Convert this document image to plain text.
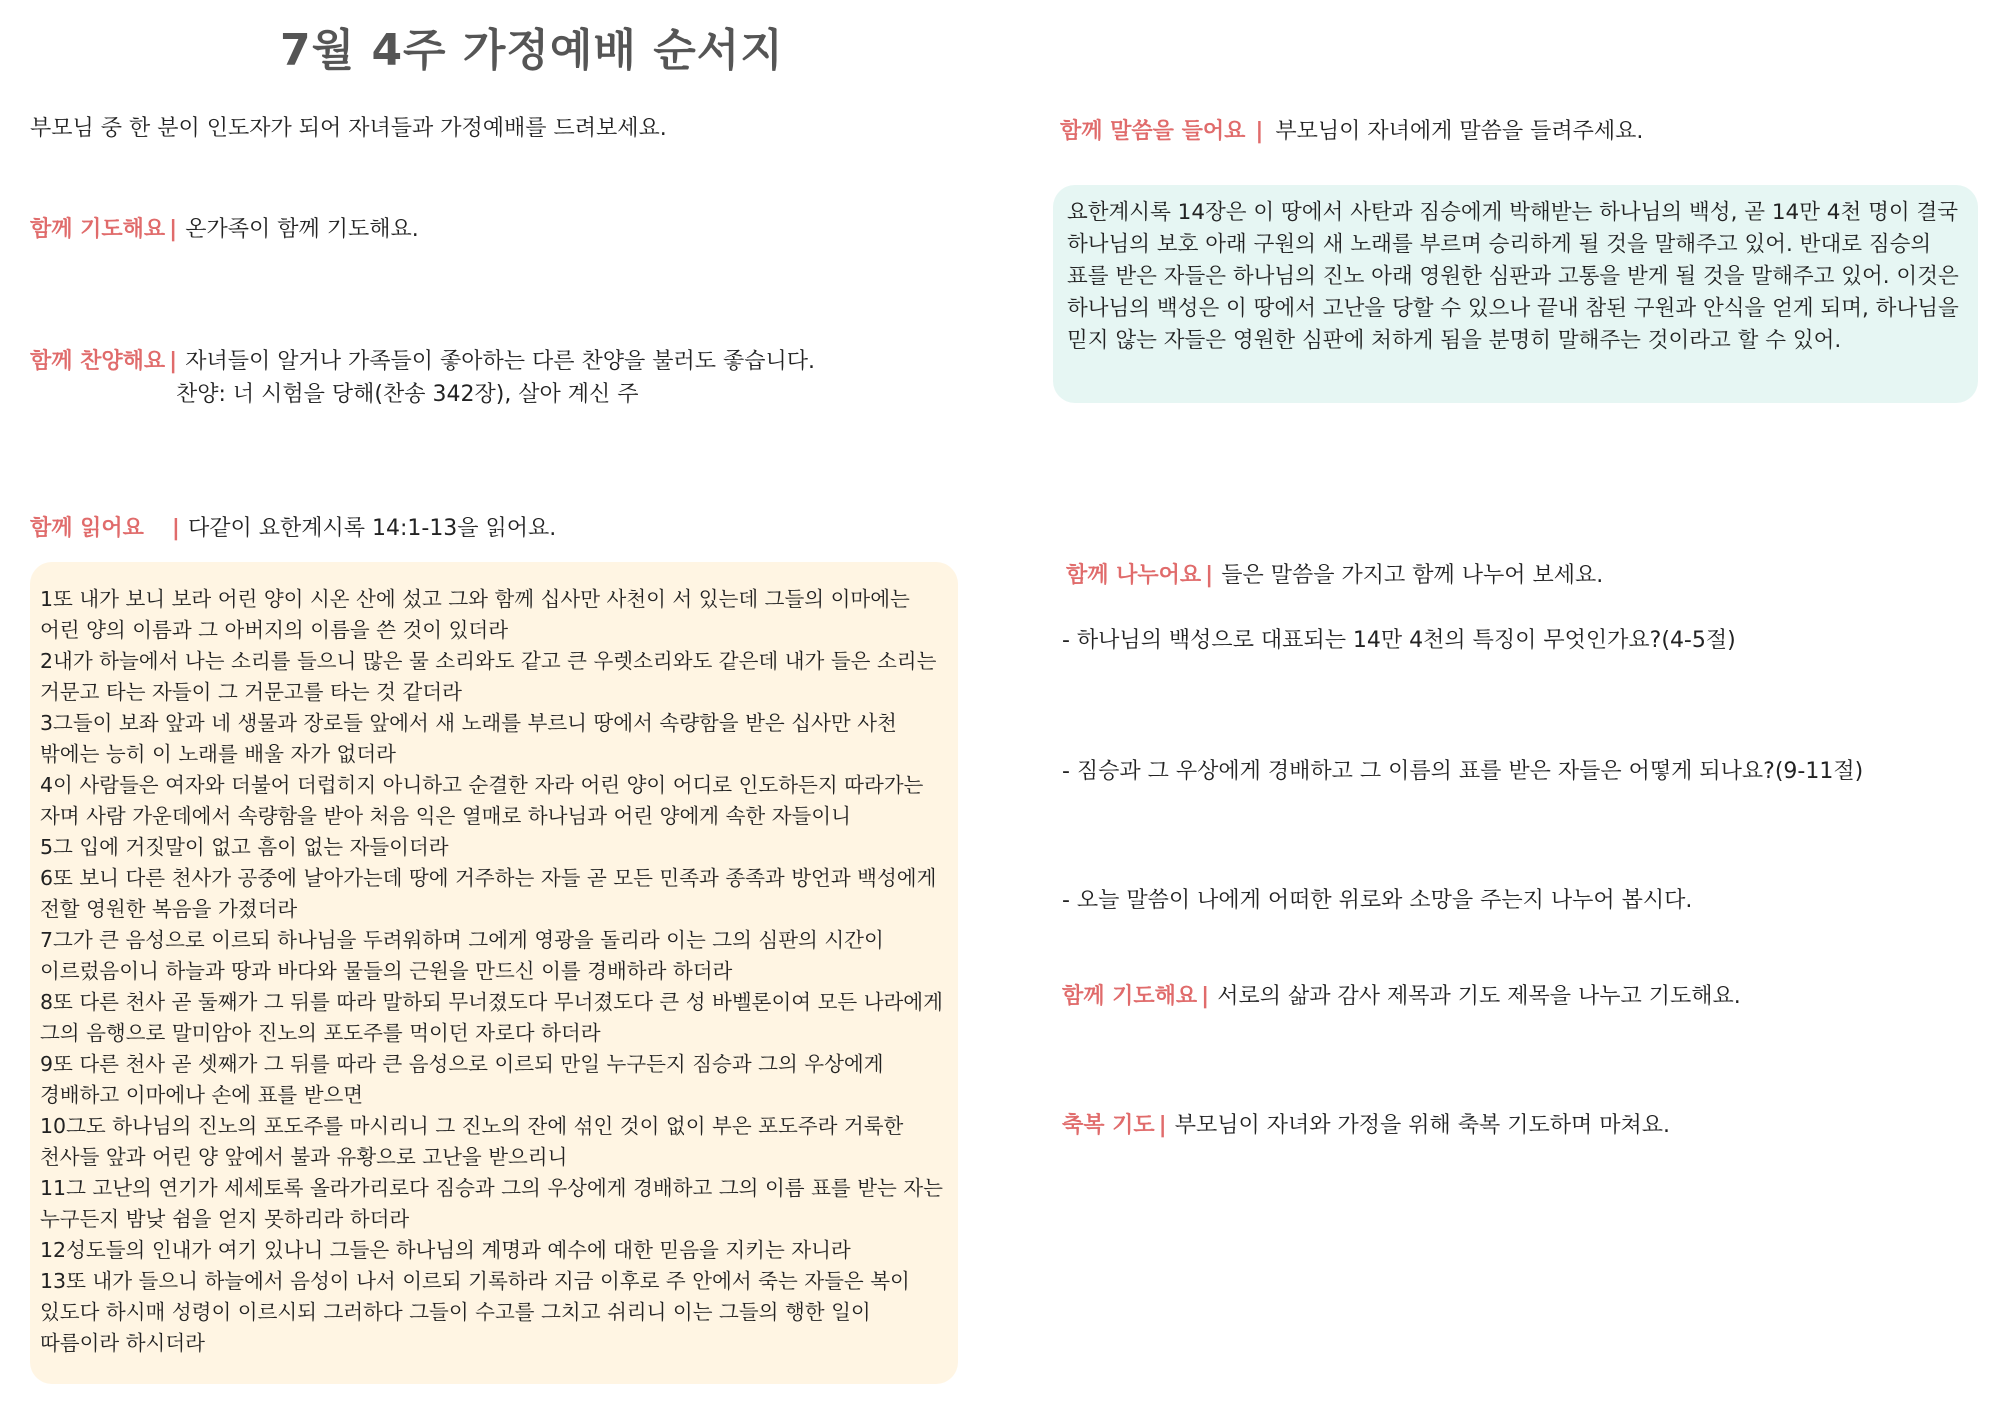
7월 4주 가정예배 순서지
부모님 중 한 분이 인도자가 되어 자녀들과 가정예배를 드려보세요.
함께 기도해요 | 온가족이 함께 기도해요.
함께 찬양해요 | 자녀들이 알거나 가족들이 좋아하는 다른 찬양을 불러도 좋습니다.
찬양: 너 시험을 당해(찬송 342장), 살아 계신 주
함께 읽어요 | 다같이 요한계시록 14:1-13을 읽어요.
1또 내가 보니 보라 어린 양이 시온 산에 섰고 그와 함께 십사만 사천이 서 있는데 그들의 이마에는 어린 양의 이름과 그 아버지의 이름을 쓴 것이 있더라
2내가 하늘에서 나는 소리를 들으니 많은 물 소리와도 같고 큰 우렛소리와도 같은데 내가 들은 소리는 거문고 타는 자들이 그 거문고를 타는 것 같더라
3그들이 보좌 앞과 네 생물과 장로들 앞에서 새 노래를 부르니 땅에서 속량함을 받은 십사만 사천 밖에는 능히 이 노래를 배울 자가 없더라
4이 사람들은 여자와 더불어 더럽히지 아니하고 순결한 자라 어린 양이 어디로 인도하든지 따라가는 자며 사람 가운데에서 속량함을 받아 처음 익은 열매로 하나님과 어린 양에게 속한 자들이니
5그 입에 거짓말이 없고 흠이 없는 자들이더라
6또 보니 다른 천사가 공중에 날아가는데 땅에 거주하는 자들 곧 모든 민족과 종족과 방언과 백성에게 전할 영원한 복음을 가졌더라
7그가 큰 음성으로 이르되 하나님을 두려워하며 그에게 영광을 돌리라 이는 그의 심판의 시간이 이르렀음이니 하늘과 땅과 바다와 물들의 근원을 만드신 이를 경배하라 하더라
8또 다른 천사 곧 둘째가 그 뒤를 따라 말하되 무너졌도다 무너졌도다 큰 성 바벨론이여 모든 나라에게 그의 음행으로 말미암아 진노의 포도주를 먹이던 자로다 하더라
9또 다른 천사 곧 셋째가 그 뒤를 따라 큰 음성으로 이르되 만일 누구든지 짐승과 그의 우상에게 경배하고 이마에나 손에 표를 받으면
10그도 하나님의 진노의 포도주를 마시리니 그 진노의 잔에 섞인 것이 없이 부은 포도주라 거룩한 천사들 앞과 어린 양 앞에서 불과 유황으로 고난을 받으리니
11그 고난의 연기가 세세토록 올라가리로다 짐승과 그의 우상에게 경배하고 그의 이름 표를 받는 자는 누구든지 밤낮 쉼을 얻지 못하리라 하더라
12성도들의 인내가 여기 있나니 그들은 하나님의 계명과 예수에 대한 믿음을 지키는 자니라
13또 내가 들으니 하늘에서 음성이 나서 이르되 기록하라 지금 이후로 주 안에서 죽는 자들은 복이 있도다 하시매 성령이 이르시되 그러하다 그들이 수고를 그치고 쉬리니 이는 그들의 행한 일이 따름이라 하시더라
함께 말씀을 들어요 | 부모님이 자녀에게 말씀을 들려주세요.
요한계시록 14장은 이 땅에서 사탄과 짐승에게 박해받는 하나님의 백성, 곧 14만 4천 명이 결국 하나님의 보호 아래 구원의 새 노래를 부르며 승리하게 될 것을 말해주고 있어. 반대로 짐승의 표를 받은 자들은 하나님의 진노 아래 영원한 심판과 고통을 받게 될 것을 말해주고 있어. 이것은 하나님의 백성은 이 땅에서 고난을 당할 수 있으나 끝내 참된 구원과 안식을 얻게 되며, 하나님을 믿지 않는 자들은 영원한 심판에 처하게 됨을 분명히 말해주는 것이라고 할 수 있어.
함께 나누어요 | 들은 말씀을 가지고 함께 나누어 보세요.
- 하나님의 백성으로 대표되는 14만 4천의 특징이 무엇인가요?(4-5절)
- 짐승과 그 우상에게 경배하고 그 이름의 표를 받은 자들은 어떻게 되나요?(9-11절)
- 오늘 말씀이 나에게 어떠한 위로와 소망을 주는지 나누어 봅시다.
함께 기도해요 | 서로의 삶과 감사 제목과 기도 제목을 나누고 기도해요.
축복 기도 | 부모님이 자녀와 가정을 위해 축복 기도하며 마쳐요.
